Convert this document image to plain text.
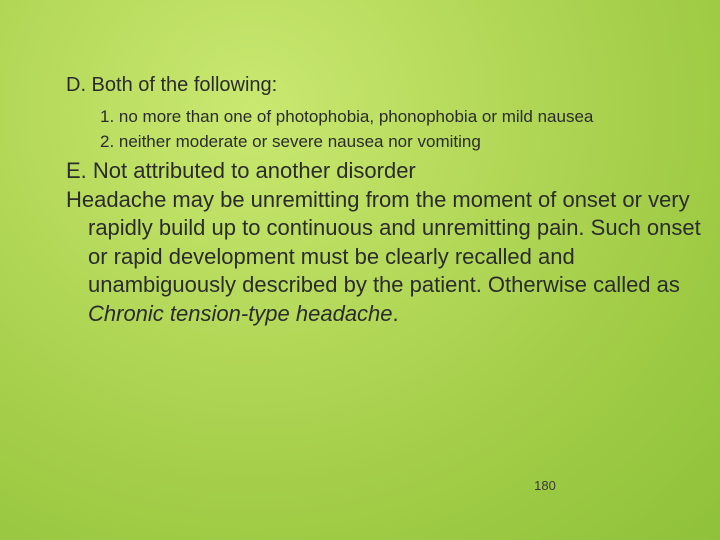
D. Both of the following:

1. no more than one of photophobia, phonophobia or mild nausea

2. neither moderate or severe nausea nor vomiting

E. Not attributed to another disorder

Headache may be unremitting from the moment of onset or very rapidly build up to continuous and unremitting pain. Such onset or rapid development must be clearly recalled and unambiguously described by the patient. Otherwise called as Chronic tension-type headache.

180
